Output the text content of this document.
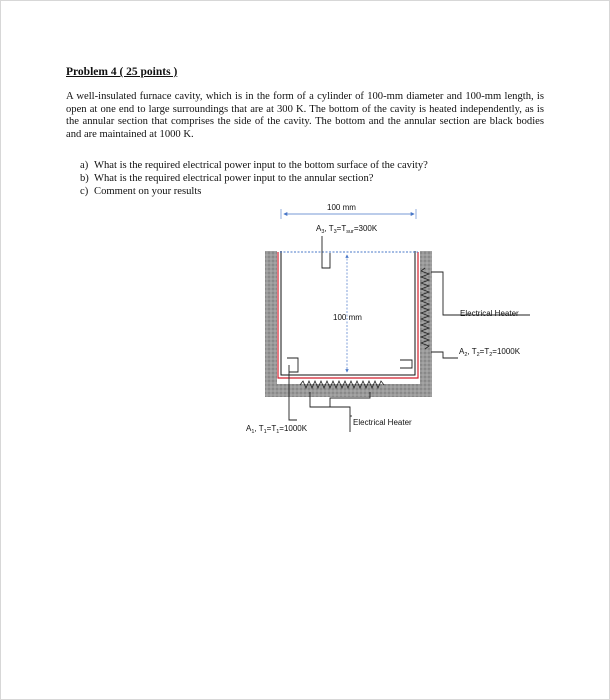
Problem 4 ( 25 points )
A well-insulated furnace cavity, which is in the form of a cylinder of 100-mm diameter and 100-mm length, is open at one end to large surroundings that are at 300 K. The bottom of the cavity is heated independently, as is the annular section that comprises the side of the cavity. The bottom and the annular section are black bodies and are maintained at 1000 K.
a) What is the required electrical power input to the bottom surface of the cavity?
b) What is the required electrical power input to the annular section?
c) Comment on your results
100 mm
100 mm
$A_3$, $T_3=T_{sur}=300K$
Electrical Heater
$A_2$, $T_2=T_2=1000K$
$A_1$, $T_1=T_1=1000K$
Electrical Heater
